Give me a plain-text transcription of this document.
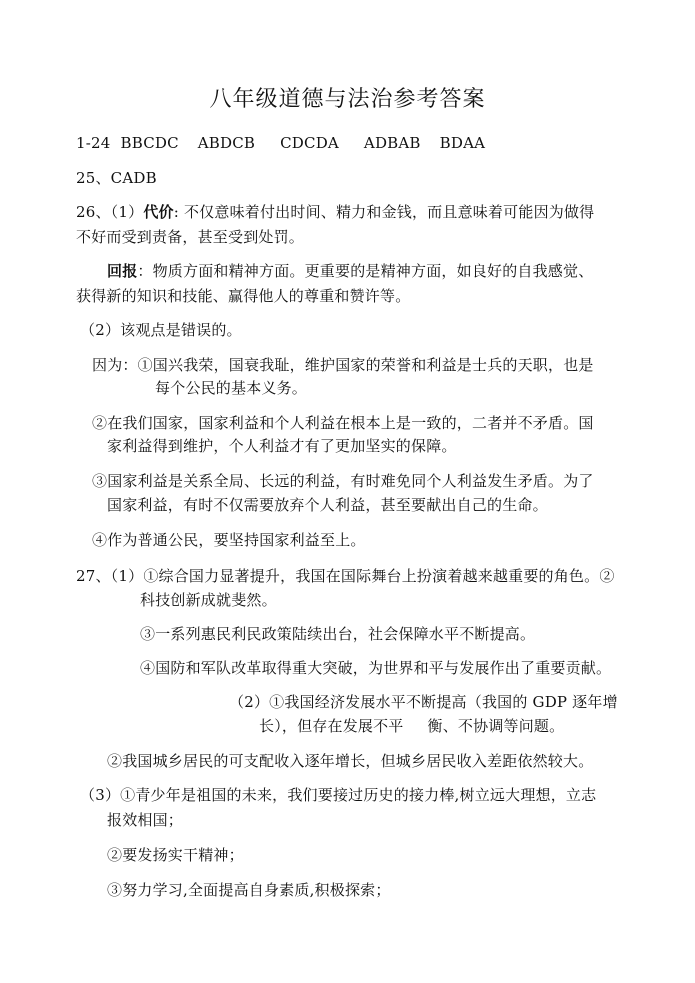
八年级道德与法治参考答案
1-24 BBCDC ABDCB CDCDA ADBAB BDAA
25、CADB
26、（1）代价: 不仅意味着付出时间、精力和金钱，而且意味着可能因为做得
不好而受到责备，甚至受到处罚。
回报：物质方面和精神方面。更重要的是精神方面，如良好的自我感觉、
获得新的知识和技能、赢得他人的尊重和赞许等。
（2）该观点是错误的。
因为：①国兴我荣，国衰我耻，维护国家的荣誉和利益是士兵的天职，也是
每个公民的基本义务。
②在我们国家，国家利益和个人利益在根本上是一致的，二者并不矛盾。国
家利益得到维护，个人利益才有了更加坚实的保障。
③国家利益是关系全局、长远的利益，有时难免同个人利益发生矛盾。为了
国家利益，有时不仅需要放弃个人利益，甚至要献出自己的生命。
④作为普通公民，要坚持国家利益至上。
27、（1）①综合国力显著提升，我国在国际舞台上扮演着越来越重要的角色。②
科技创新成就斐然。
③一系列惠民利民政策陆续出台，社会保障水平不断提高。
④国防和军队改革取得重大突破，为世界和平与发展作出了重要贡献。
（2）①我国经济发展水平不断提高（我国的 GDP 逐年增
长），但存在发展不平 衡、不协调等问题。
②我国城乡居民的可支配收入逐年增长，但城乡居民收入差距依然较大。
（3）①青少年是祖国的未来，我们要接过历史的接力棒,树立远大理想，立志
报效相国；
②要发扬实干精神；
③努力学习,全面提高自身素质,积极探索；
